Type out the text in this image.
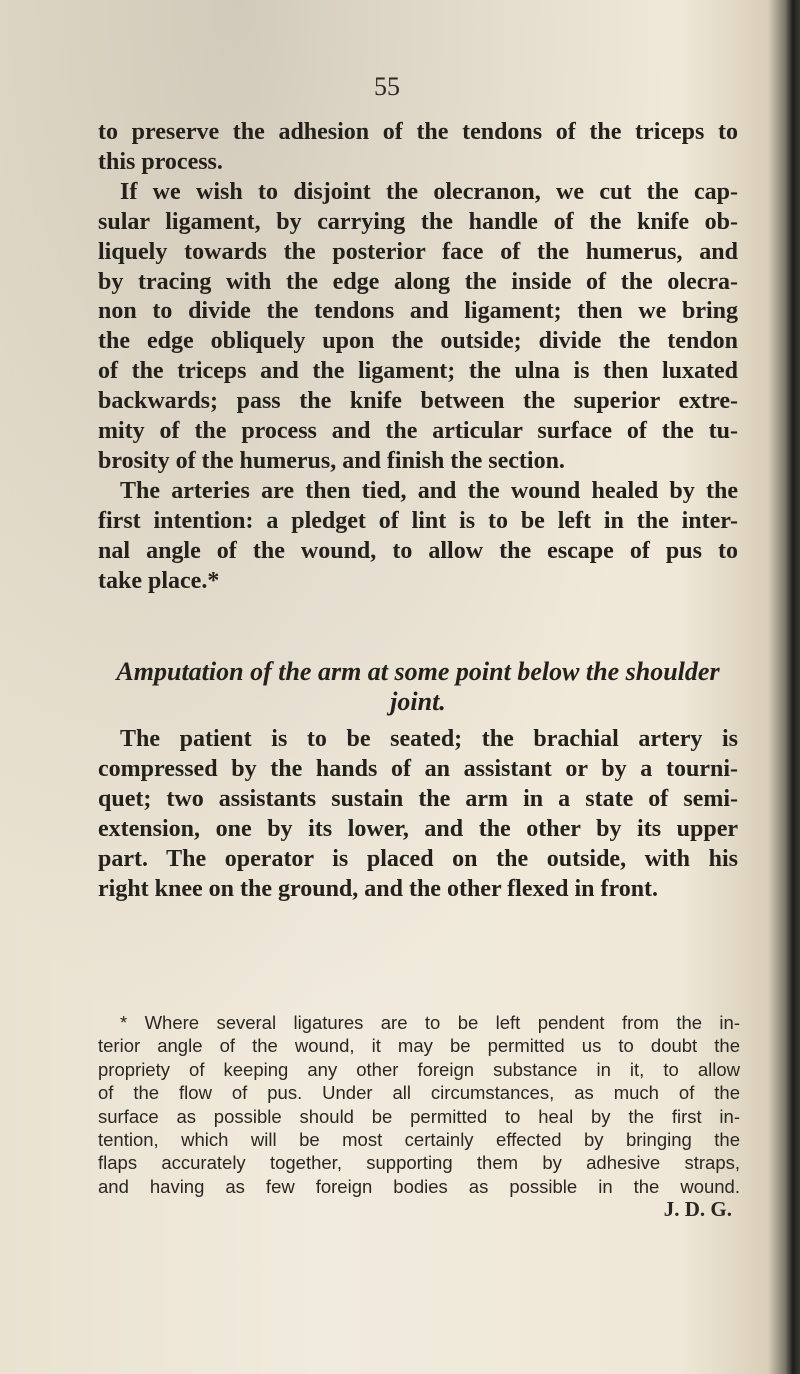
55
to preserve the adhesion of the tendons of the triceps to
this process.
If we wish to disjoint the olecranon, we cut the cap-
sular ligament, by carrying the handle of the knife ob-
liquely towards the posterior face of the humerus, and
by tracing with the edge along the inside of the olecra-
non to divide the tendons and ligament; then we bring
the edge obliquely upon the outside; divide the tendon
of the triceps and the ligament; the ulna is then luxated
backwards; pass the knife between the superior extre-
mity of the process and the articular surface of the tu-
brosity of the humerus, and finish the section.
The arteries are then tied, and the wound healed by the
first intention: a pledget of lint is to be left in the inter-
nal angle of the wound, to allow the escape of pus to
take place.*
Amputation of the arm at some point below the shoulder
joint.
The patient is to be seated; the brachial artery is
compressed by the hands of an assistant or by a tourni-
quet; two assistants sustain the arm in a state of semi-
extension, one by its lower, and the other by its upper
part. The operator is placed on the outside, with his
right knee on the ground, and the other flexed in front.
* Where several ligatures are to be left pendent from the in-
terior angle of the wound, it may be permitted us to doubt the
propriety of keeping any other foreign substance in it, to allow
of the flow of pus. Under all circumstances, as much of the
surface as possible should be permitted to heal by the first in-
tention, which will be most certainly effected by bringing the
flaps accurately together, supporting them by adhesive straps,
and having as few foreign bodies as possible in the wound.
J. D. G.
